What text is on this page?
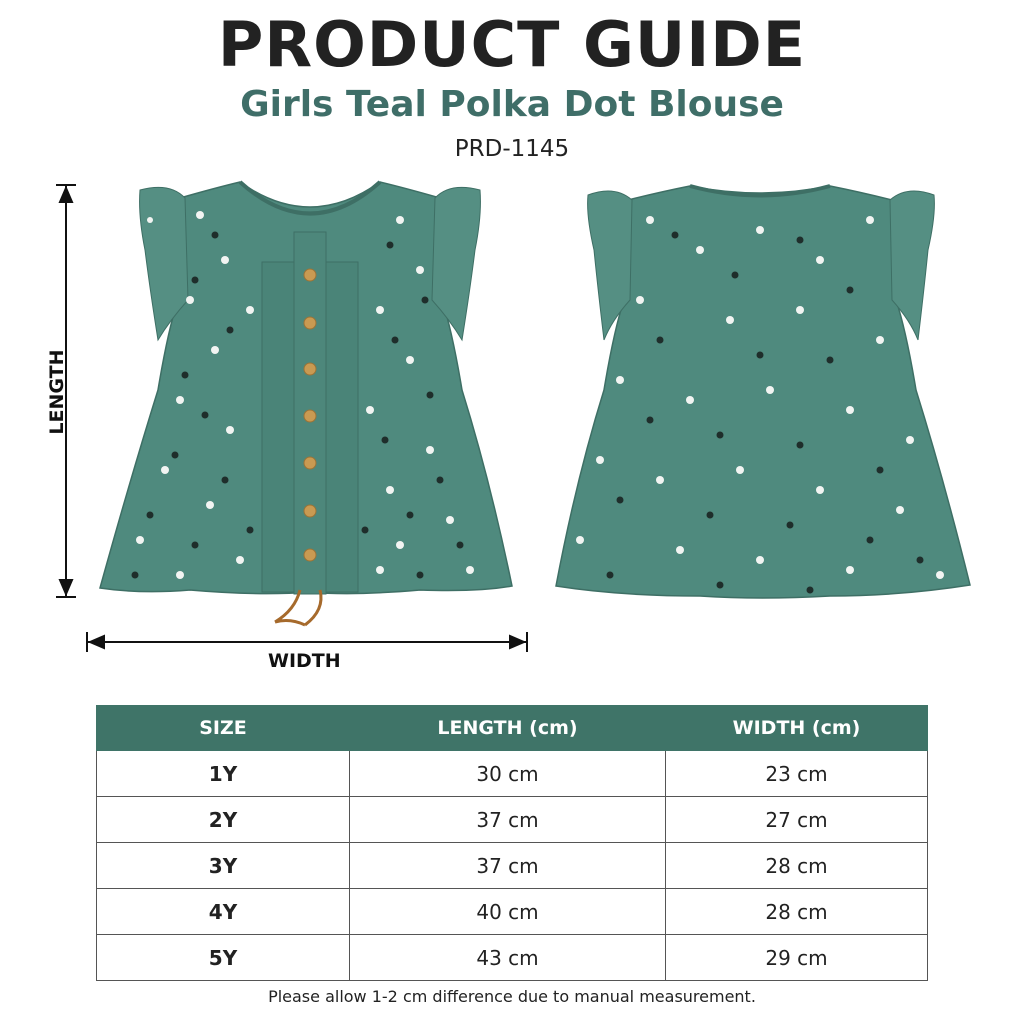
PRODUCT GUIDE
Girls Teal Polka Dot Blouse
PRD-1145
LENGTH
WIDTH
SIZE	LENGTH (cm)	WIDTH (cm)
1Y	30 cm	23 cm
2Y	37 cm	27 cm
3Y	37 cm	28 cm
4Y	40 cm	28 cm
5Y	43 cm	29 cm
Please allow 1-2 cm difference due to manual measurement.
